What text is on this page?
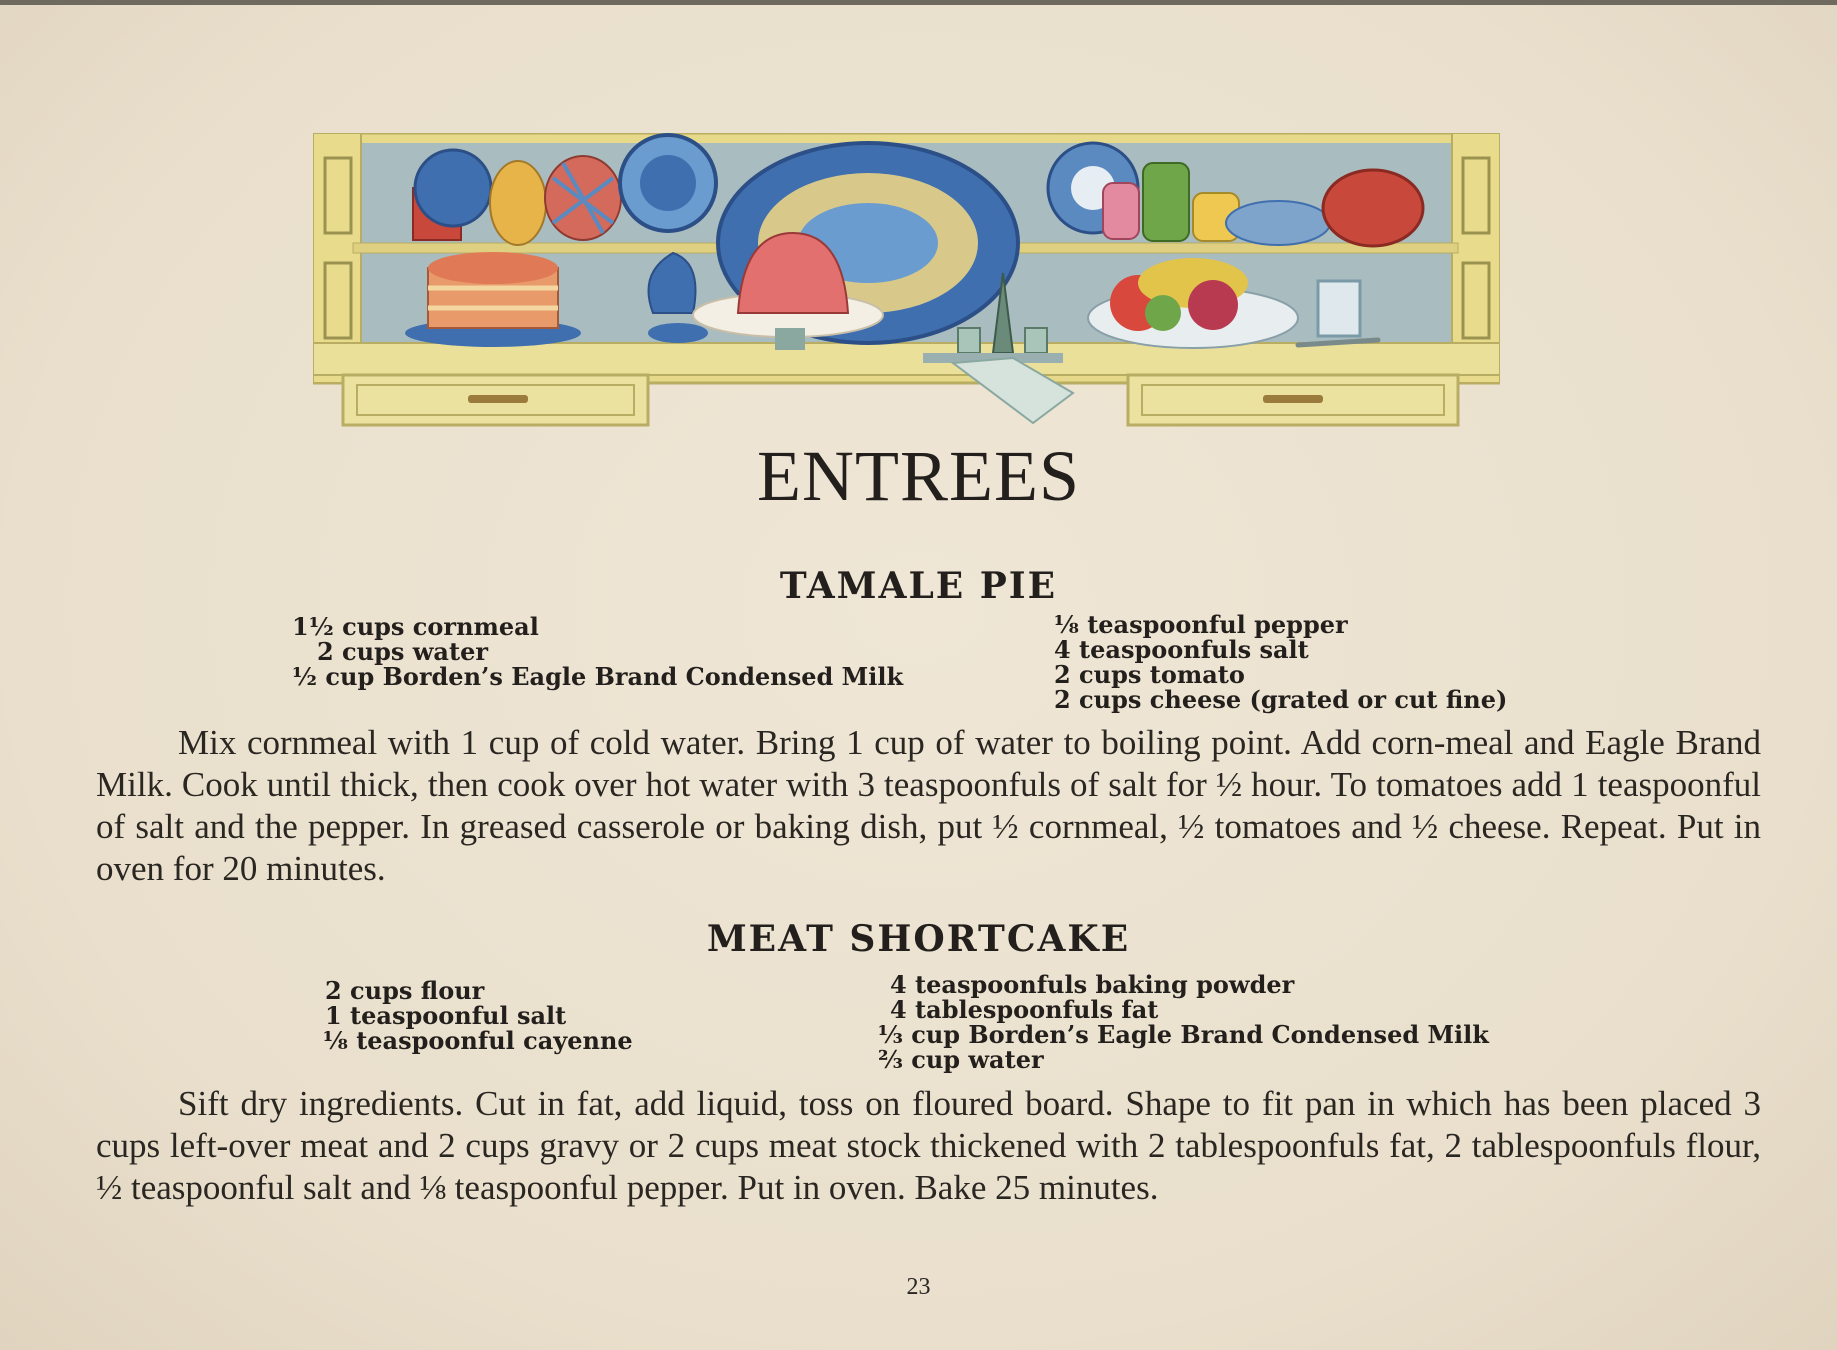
ENTREES
TAMALE PIE
1½ cups cornmeal
2 cups water
½ cup Borden’s Eagle Brand Condensed Milk
⅛ teaspoonful pepper
4 teaspoonfuls salt
2 cups tomato
2 cups cheese (grated or cut fine)
Mix cornmeal with 1 cup of cold water. Bring 1 cup of water to boiling point. Add corn-meal and Eagle Brand Milk. Cook until thick, then cook over hot water with 3 teaspoonfuls of salt for ½ hour. To tomatoes add 1 teaspoonful of salt and the pepper. In greased casserole or baking dish, put ½ cornmeal, ½ tomatoes and ½ cheese. Repeat. Put in oven for 20 minutes.
MEAT SHORTCAKE
2 cups flour
1 teaspoonful salt
⅛ teaspoonful cayenne
4 teaspoonfuls baking powder
4 tablespoonfuls fat
⅓ cup Borden’s Eagle Brand Condensed Milk
⅔ cup water
Sift dry ingredients. Cut in fat, add liquid, toss on floured board. Shape to fit pan in which has been placed 3 cups left-over meat and 2 cups gravy or 2 cups meat stock thickened with 2 tablespoonfuls fat, 2 tablespoonfuls flour, ½ teaspoonful salt and ⅛ teaspoonful pepper. Put in oven. Bake 25 minutes.
23
